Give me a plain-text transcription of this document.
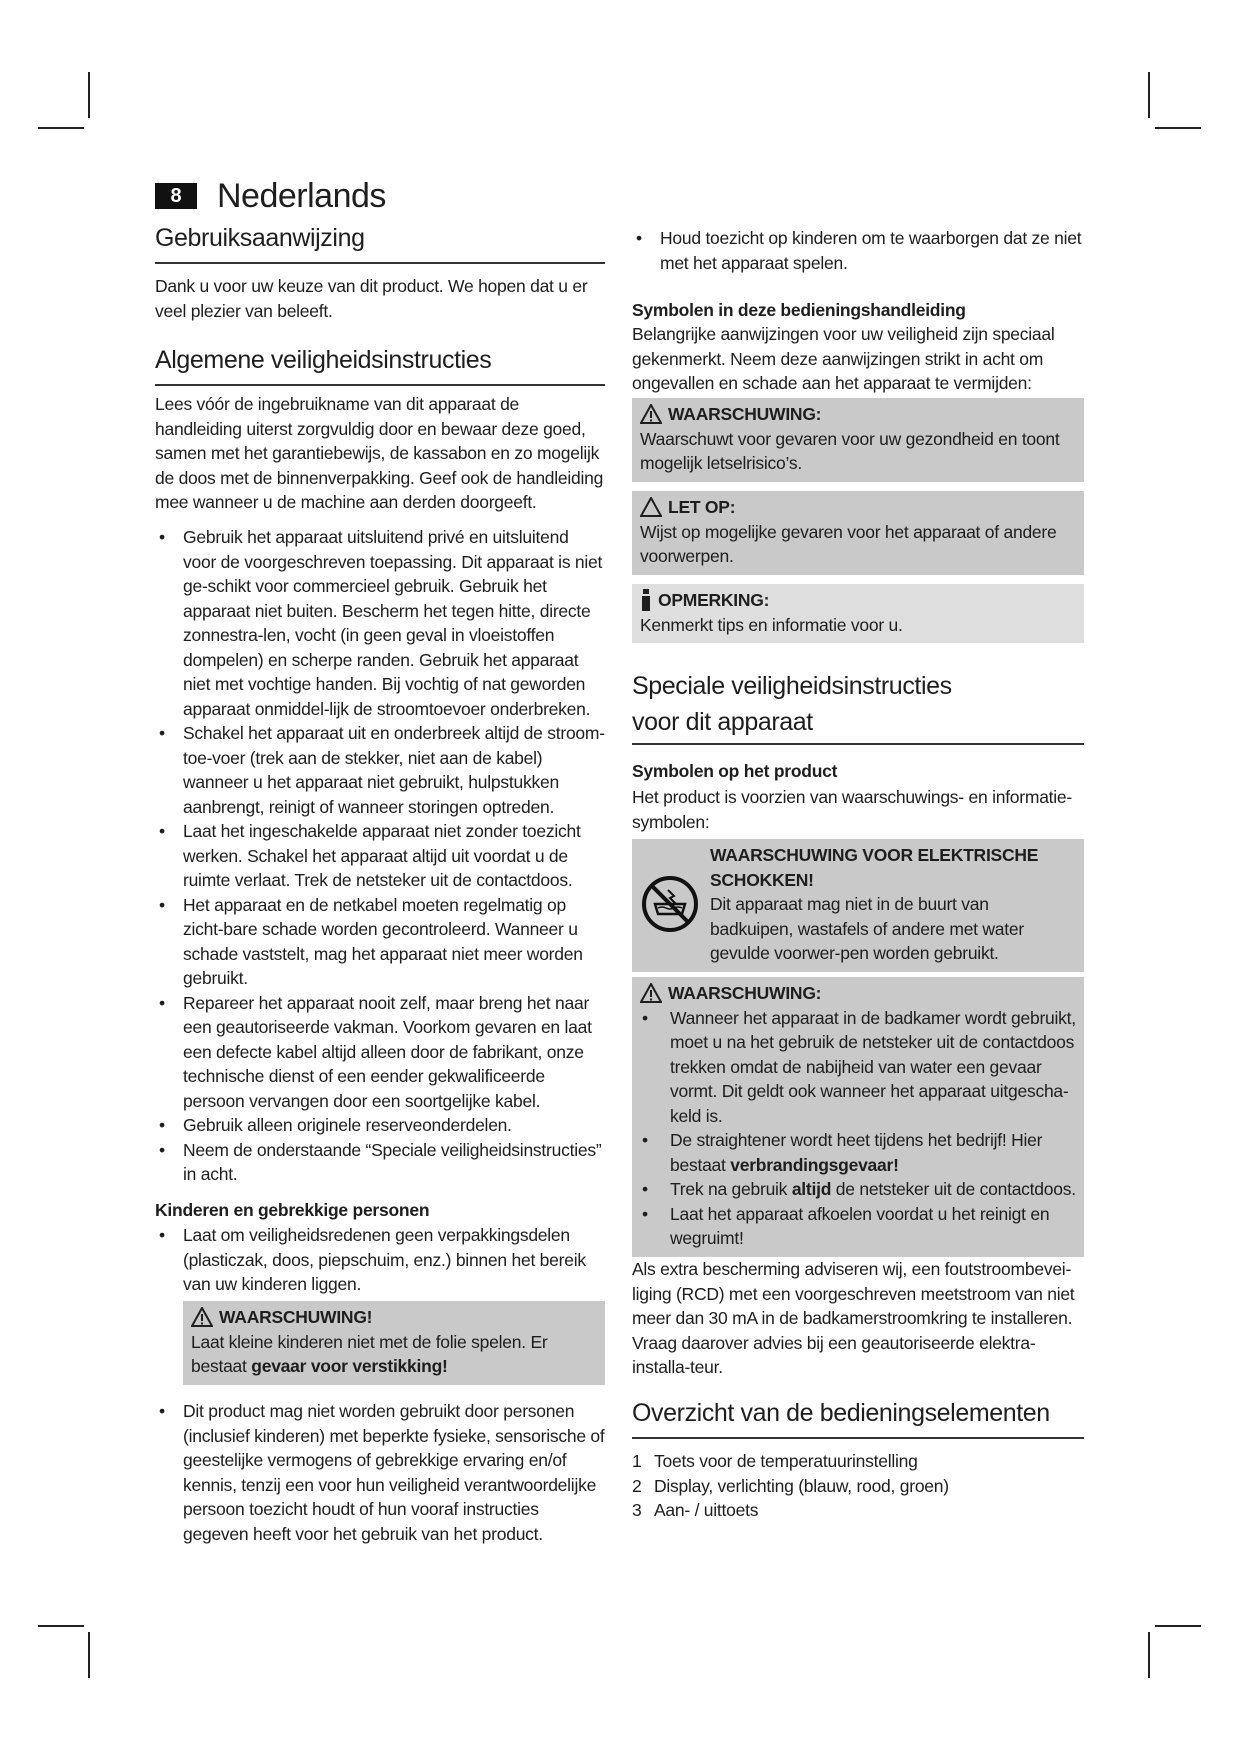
8	Nederlands
Gebruiksaanwijzing

Dank u voor uw keuze van dit product. We hopen dat u er veel plezier van beleeft.

Algemene veiligheidsinstructies

Lees vóór de ingebruikname van dit apparaat de handleiding uiterst zorgvuldig door en bewaar deze goed, samen met het garantiebewijs, de kassabon en zo mogelijk de doos met de binnenverpakking. Geef ook de handleiding mee wanneer u de machine aan derden doorgeeft.

• Gebruik het apparaat uitsluitend privé en uitsluitend voor de voorgeschreven toepassing. Dit apparaat is niet ge-schikt voor commercieel gebruik. Gebruik het apparaat niet buiten. Bescherm het tegen hitte, directe zonnestra-len, vocht (in geen geval in vloeistoffen dompelen) en scherpe randen. Gebruik het apparaat niet met vochtige handen. Bij vochtig of nat geworden apparaat onmiddel-lijk de stroomtoevoer onderbreken.
• Schakel het apparaat uit en onderbreek altijd de stroom-toe-voer (trek aan de stekker, niet aan de kabel) wanneer u het apparaat niet gebruikt, hulpstukken aanbrengt, reinigt of wanneer storingen optreden.
• Laat het ingeschakelde apparaat niet zonder toezicht werken. Schakel het apparaat altijd uit voordat u de ruimte verlaat. Trek de netsteker uit de contactdoos.
• Het apparaat en de netkabel moeten regelmatig op zicht-bare schade worden gecontroleerd. Wanneer u schade vaststelt, mag het apparaat niet meer worden gebruikt.
• Repareer het apparaat nooit zelf, maar breng het naar een geautoriseerde vakman. Voorkom gevaren en laat een defecte kabel altijd alleen door de fabrikant, onze technische dienst of een eender gekwalificeerde persoon vervangen door een soortgelijke kabel.
• Gebruik alleen originele reserveonderdelen.
• Neem de onderstaande “Speciale veiligheidsinstructies” in acht.
Kinderen en gebrekkige personen
• Laat om veiligheidsredenen geen verpakkingsdelen (plasticzak, doos, piepschuim, enz.) binnen het bereik van uw kinderen liggen.
WAARSCHUWING!
Laat kleine kinderen niet met de folie spelen. Er bestaat gevaar voor verstikking!
• Dit product mag niet worden gebruikt door personen (inclusief kinderen) met beperkte fysieke, sensorische of geestelijke vermogens of gebrekkige ervaring en/of kennis, tenzij een voor hun veiligheid verantwoordelijke persoon toezicht houdt of hun vooraf instructies gegeven heeft voor het gebruik van het product.
• Houd toezicht op kinderen om te waarborgen dat ze niet met het apparaat spelen.
Symbolen in deze bedieningshandleiding

Belangrijke aanwijzingen voor uw veiligheid zijn speciaal gekenmerkt. Neem deze aanwijzingen strikt in acht om ongevallen en schade aan het apparaat te vermijden:

WAARSCHUWING:
Waarschuwt voor gevaren voor uw gezondheid en toont mogelijk letselrisico’s.
LET OP:
Wijst op mogelijke gevaren voor het apparaat of andere voorwerpen.
OPMERKING:
Kenmerkt tips en informatie voor u.
Speciale veiligheidsinstructies
voor dit apparaat
Symbolen op het product

Het product is voorzien van waarschuwings- en informatie-symbolen:

WAARSCHUWING VOOR ELEKTRISCHE SCHOKKEN!
Dit apparaat mag niet in de buurt van badkuipen, wastafels of andere met water gevulde voorwer-pen worden gebruikt.
WAARSCHUWING:
• Wanneer het apparaat in de badkamer wordt gebruikt, moet u na het gebruik de netsteker uit de contactdoos trekken omdat de nabijheid van water een gevaar vormt. Dit geldt ook wanneer het apparaat uitgescha-keld is.
• De straightener wordt heet tijdens het bedrijf! Hier bestaat verbrandingsgevaar!
• Trek na gebruik altijd de netsteker uit de contactdoos.
• Laat het apparaat afkoelen voordat u het reinigt en wegruimt!

Als extra bescherming adviseren wij, een foutstroombevei-liging (RCD) met een voorgeschreven meetstroom van niet meer dan 30 mA in de badkamerstroomkring te installeren. Vraag daarover advies bij een geautoriseerde elektra-installa-teur.

Overzicht van de bedieningselementen
1 Toets voor de temperatuurinstelling
2 Display, verlichting (blauw, rood, groen)
3 Aan- / uittoets
